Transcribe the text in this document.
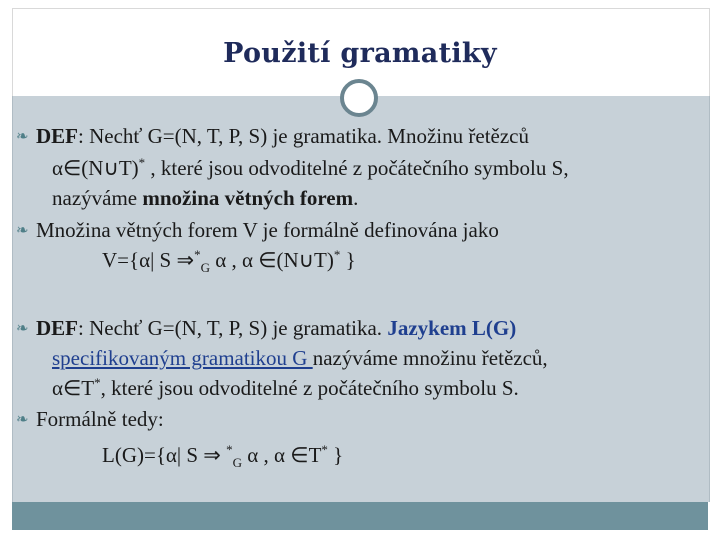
Použití gramatiky
❧ DEF: Nechť G=(N, T, P, S) je gramatika. Množinu řetězců
α∈(N∪T)* , které jsou odvoditelné z počátečního symbolu S,
nazýváme množina větných forem.
❧ Množina větných forem V je formálně definována jako
V={α| S $\Rightarrow^*_G$ α , α ∈(N∪T)* }
❧ DEF: Nechť G=(N, T, P, S) je gramatika. Jazykem L(G)
specifikovaným gramatikou G nazýváme množinu řetězců,
α∈T*, které jsou odvoditelné z počátečního symbolu S.
❧ Formálně tedy:
L(G)={α| S ⇒ *$_G$ α , α ∈T* }
